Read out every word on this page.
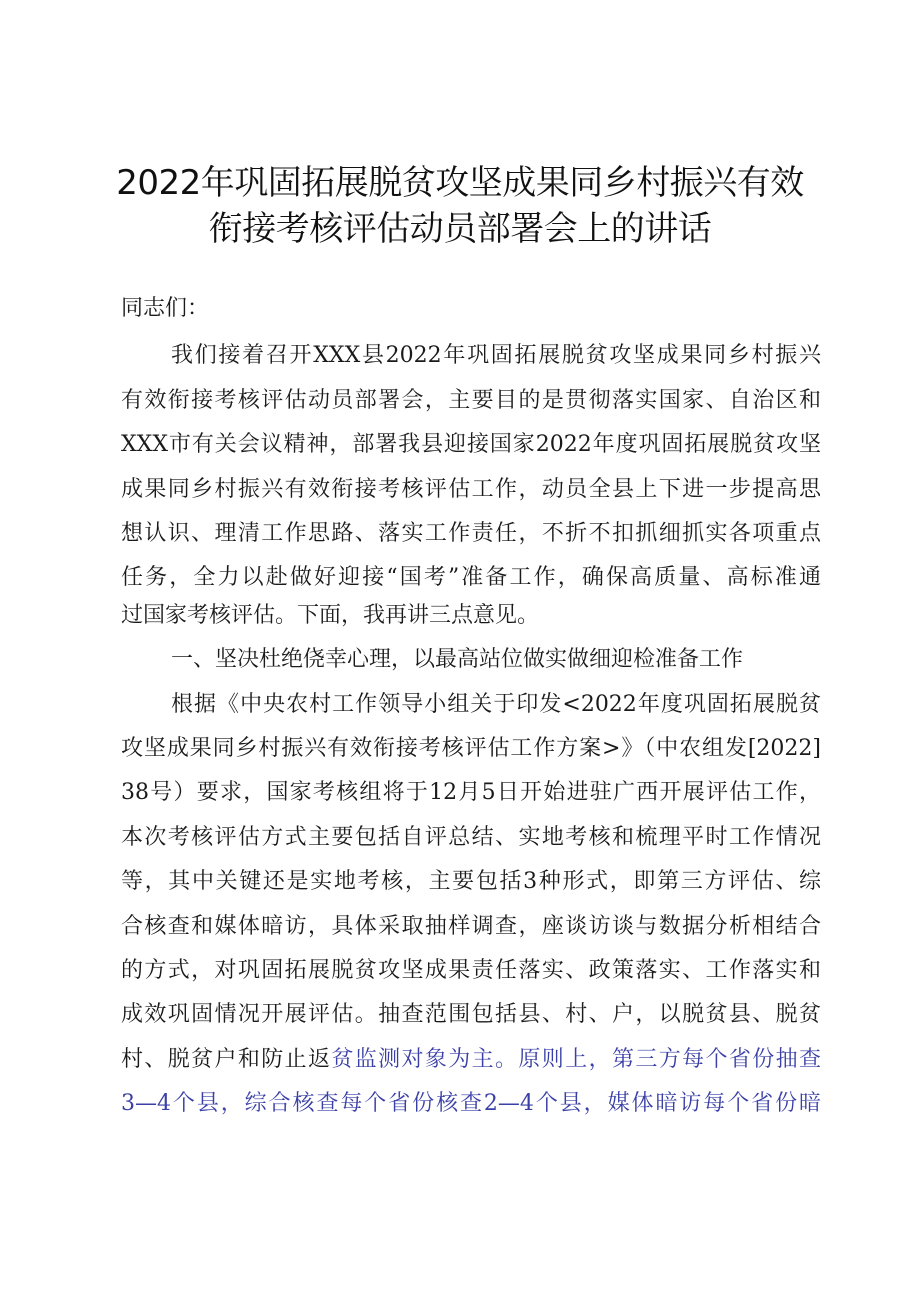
2022年巩固拓展脱贫攻坚成果同乡村振兴有效
衔接考核评估动员部署会上的讲话
同志们：
我们接着召开XXX县2022年巩固拓展脱贫攻坚成果同乡村振兴
有效衔接考核评估动员部署会，主要目的是贯彻落实国家、自治区和
XXX市有关会议精神，部署我县迎接国家2022年度巩固拓展脱贫攻坚
成果同乡村振兴有效衔接考核评估工作，动员全县上下进一步提高思
想认识、理清工作思路、落实工作责任，不折不扣抓细抓实各项重点
任务，全力以赴做好迎接“国考”准备工作，确保高质量、高标准通
过国家考核评估。下面，我再讲三点意见。
一、坚决杜绝侥幸心理，以最高站位做实做细迎检准备工作
根据《中央农村工作领导小组关于印发<2022年度巩固拓展脱贫
攻坚成果同乡村振兴有效衔接考核评估工作方案>》（中农组发[2022]
38号）要求，国家考核组将于12月5日开始进驻广西开展评估工作，
本次考核评估方式主要包括自评总结、实地考核和梳理平时工作情况
等，其中关键还是实地考核，主要包括3种形式，即第三方评估、综
合核查和媒体暗访，具体采取抽样调查，座谈访谈与数据分析相结合
的方式，对巩固拓展脱贫攻坚成果责任落实、政策落实、工作落实和
成效巩固情况开展评估。抽查范围包括县、村、户，以脱贫县、脱贫
村、脱贫户和防止返贫监测对象为主。原则上，第三方每个省份抽查
3—4个县，综合核查每个省份核查2—4个县，媒体暗访每个省份暗
